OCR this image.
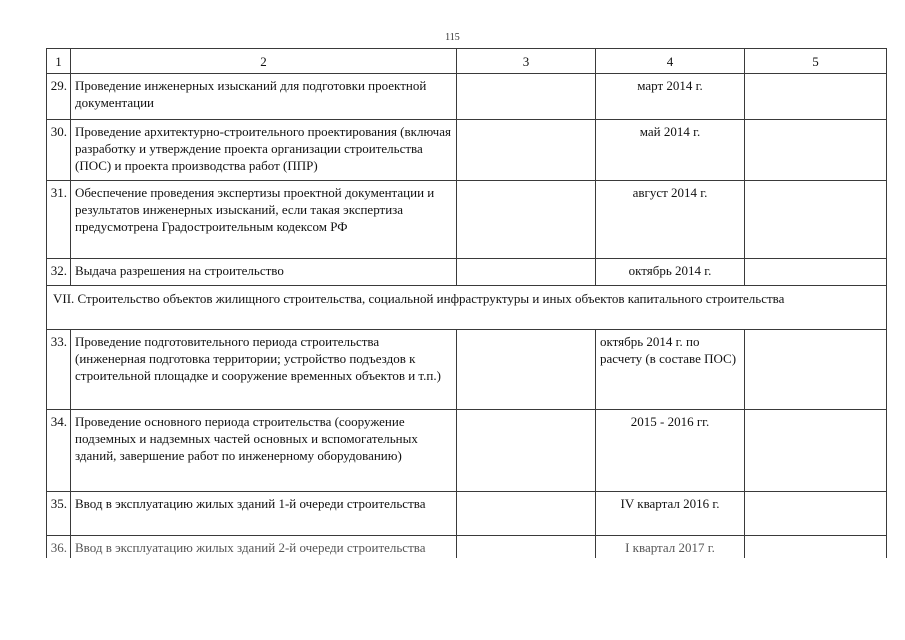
115
1	2	3	4	5
29.	Проведение инженерных изысканий для подготовки проектной документации		март 2014 г.	
30.	Проведение архитектурно-строительного проектирования (включая разработку и утверждение проекта организации строительства (ПОС) и проекта производства работ (ППР)		май 2014 г.	
31.	Обеспечение проведения экспертизы проектной документации и результатов инженерных изысканий, если такая экспертиза предусмотрена Градостроительным кодексом РФ		август 2014 г.	
32.	Выдача разрешения на строительство		октябрь 2014 г.	
VII. Строительство объектов жилищного строительства, социальной инфраструктуры и иных объектов капитального строительства				
33.	Проведение подготовительного периода строительства (инженерная подготовка территории; устройство подъездов к строительной площадке и сооружение временных объектов и т.п.)		октябрь 2014 г. по расчету (в составе ПОС)	
34.	Проведение основного периода строительства (сооружение подземных и надземных частей основных и вспомогательных зданий, завершение работ по инженерному оборудованию)		2015 - 2016 гг.	
35.	Ввод в эксплуатацию жилых зданий 1-й очереди строительства		IV квартал 2016 г.	
36.	Ввод в эксплуатацию жилых зданий 2-й очереди строительства		I квартал 2017 г.	
